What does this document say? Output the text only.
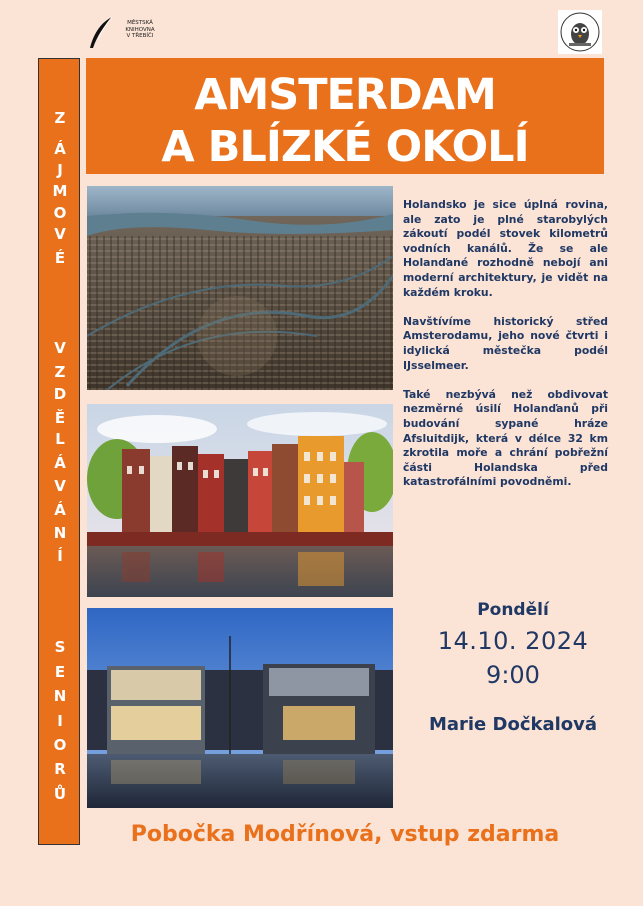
MĚSTSKÁ
KNIHOVNA
V TŘEBÍČI
Z
Á
J
M
O
V
É
V
Z
D
Ě
L
Á
V
Á
N
Í
S
E
N
I
O
R
Ů
AMSTERDAM
A BLÍZKÉ OKOLÍ

Holandsko je sice úplná rovina, ale zato je plné starobylých zákoutí podél stovek kilometrů vodních kanálů. Že se ale Holanďané rozhodně nebojí ani moderní architektury, je vidět na každém kroku.

Navštívíme historický střed Amsterodamu, jeho nové čtvrti i idylická městečka podél IJsselmeer.

Také nezbývá než obdivovat nezměrné úsilí Holanďanů při budování sypané hráze Afsluitdijk, která v délce 32 km zkrotila moře a chrání pobřežní části Holandska před katastrofálními povodněmi.

Pondělí
14.10. 2024
9:00
Marie Dočkalová
Pobočka Modřínová, vstup zdarma
